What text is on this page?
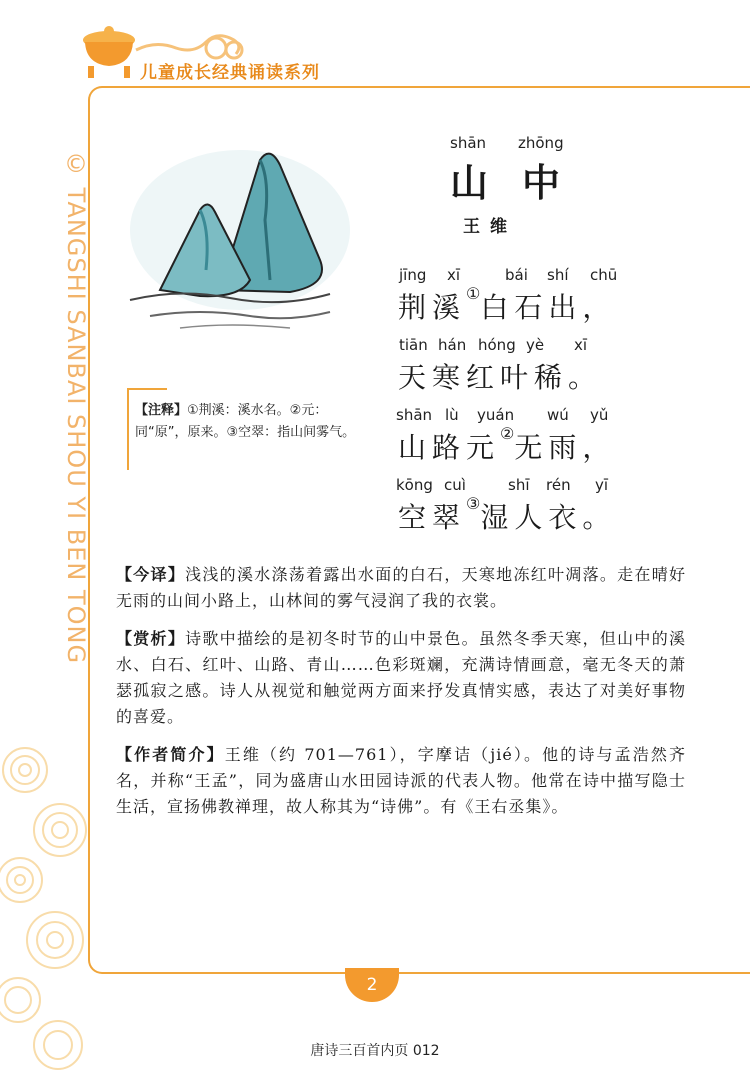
儿童成长经典诵读系列
© TANGSHI SANBAI SHOU YI BEN TONG
shān zhōng
山 中
王维
jīng xī	bái shí chū
荆溪①白石出，
tiān hán hóng yè xī
天寒红叶稀。
shān lù yuán wú yǔ
山路元②无雨，
kōng cuì	shī rén yī
空翠③湿人衣。
【注释】①荆溪：溪水名。②元：同“原”，原来。③空翠：指山间雾气。
【今译】浅浅的溪水涤荡着露出水面的白石，天寒地冻红叶凋落。走在晴好无雨的山间小路上，山林间的雾气浸润了我的衣裳。
【赏析】诗歌中描绘的是初冬时节的山中景色。虽然冬季天寒，但山中的溪水、白石、红叶、山路、青山……色彩斑斓，充满诗情画意，毫无冬天的萧瑟孤寂之感。诗人从视觉和触觉两方面来抒发真情实感，表达了对美好事物的喜爱。
【作者简介】王维（约 701—761），字摩诘（jié）。他的诗与孟浩然齐名，并称“王孟”，同为盛唐山水田园诗派的代表人物。他常在诗中描写隐士生活，宣扬佛教禅理，故人称其为“诗佛”。有《王右丞集》。
2
唐诗三百首内页 012
